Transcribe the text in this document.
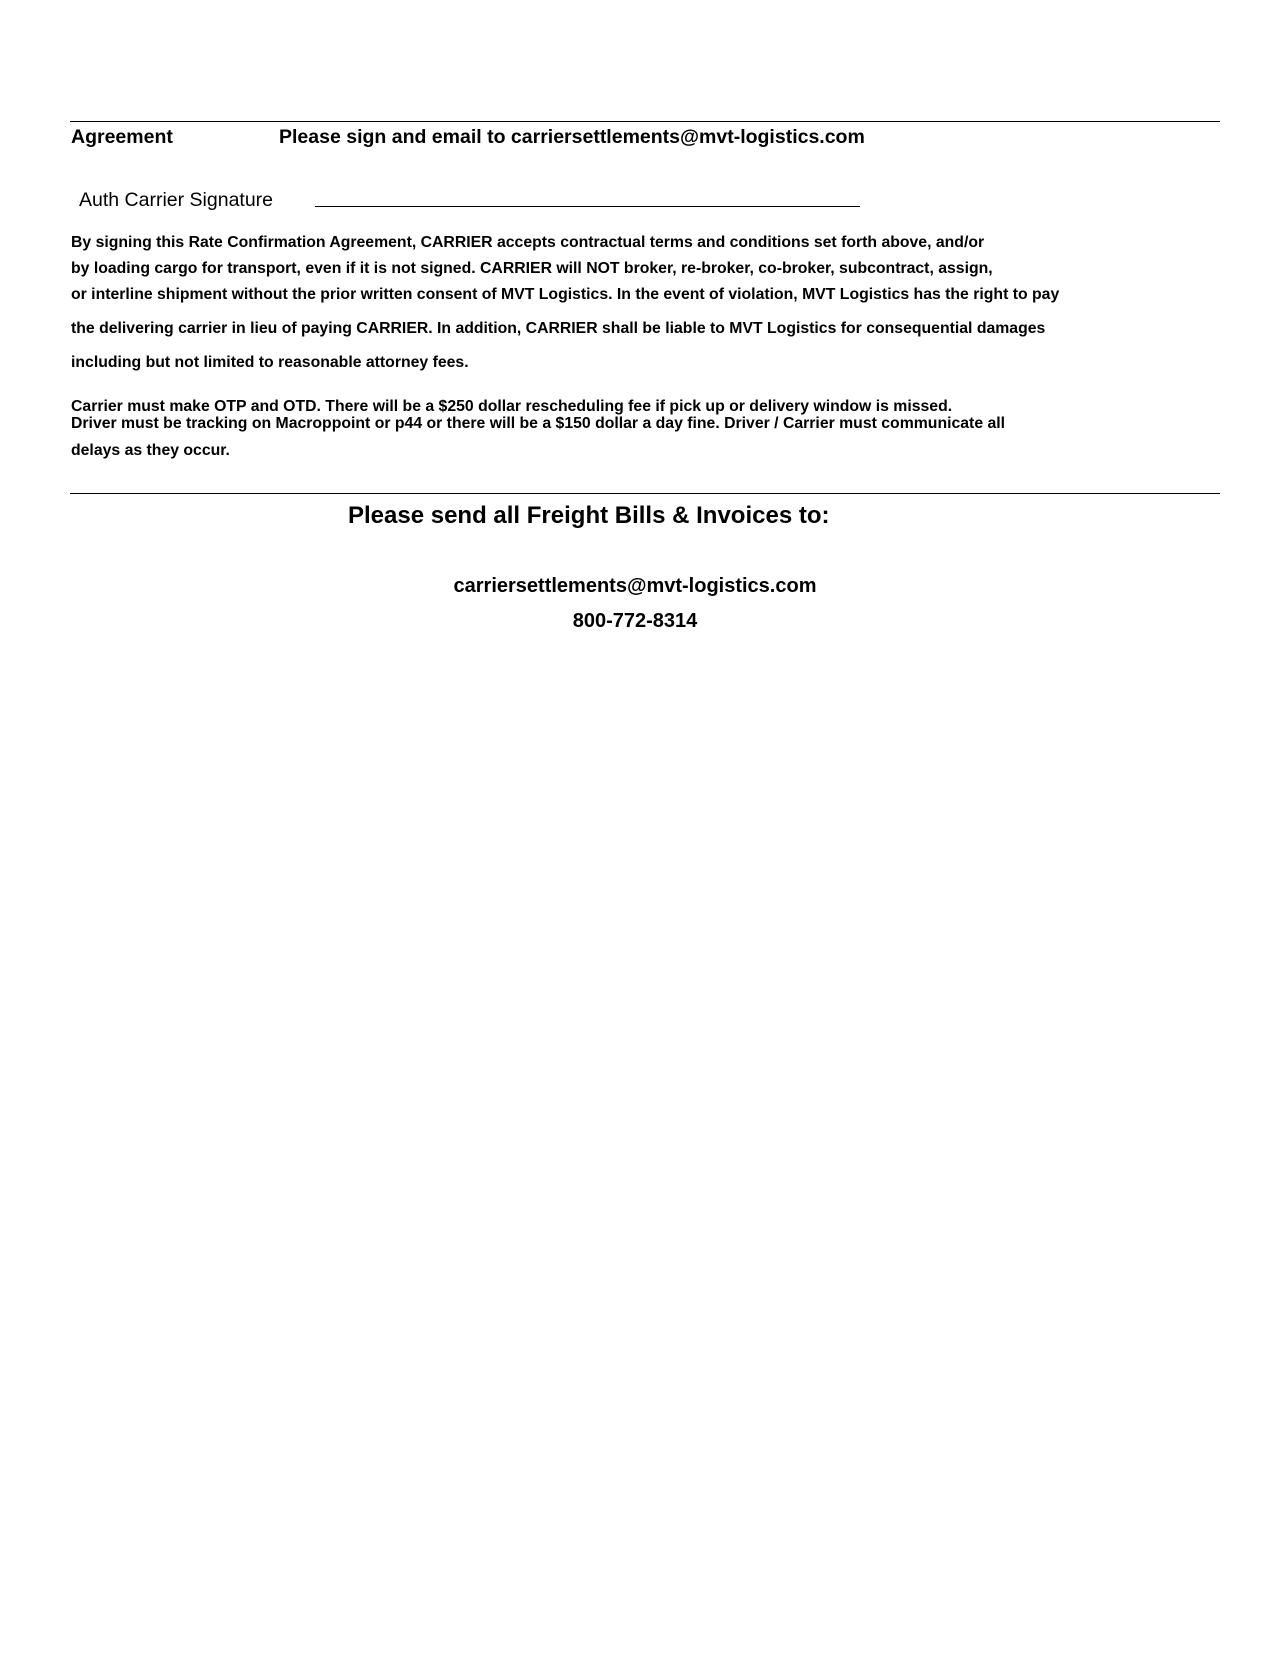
Agreement	Please sign and email to carriersettlements@mvt-logistics.com
Auth Carrier Signature
By signing this Rate Confirmation Agreement, CARRIER accepts contractual terms and conditions set forth above, and/or
by loading cargo for transport, even if it is not signed. CARRIER will NOT broker, re-broker, co-broker, subcontract, assign,
or interline shipment without the prior written consent of MVT Logistics. In the event of violation, MVT Logistics has the right to pay
the delivering carrier in lieu of paying CARRIER. In addition, CARRIER shall be liable to MVT Logistics for consequential damages
including but not limited to reasonable attorney fees.
Carrier must make OTP and OTD. There will be a $250 dollar rescheduling fee if pick up or delivery window is missed.
Driver must be tracking on Macroppoint or p44 or there will be a $150 dollar a day fine. Driver / Carrier must communicate all
delays as they occur.
Please send all Freight Bills & Invoices to:
carriersettlements@mvt-logistics.com
800-772-8314
